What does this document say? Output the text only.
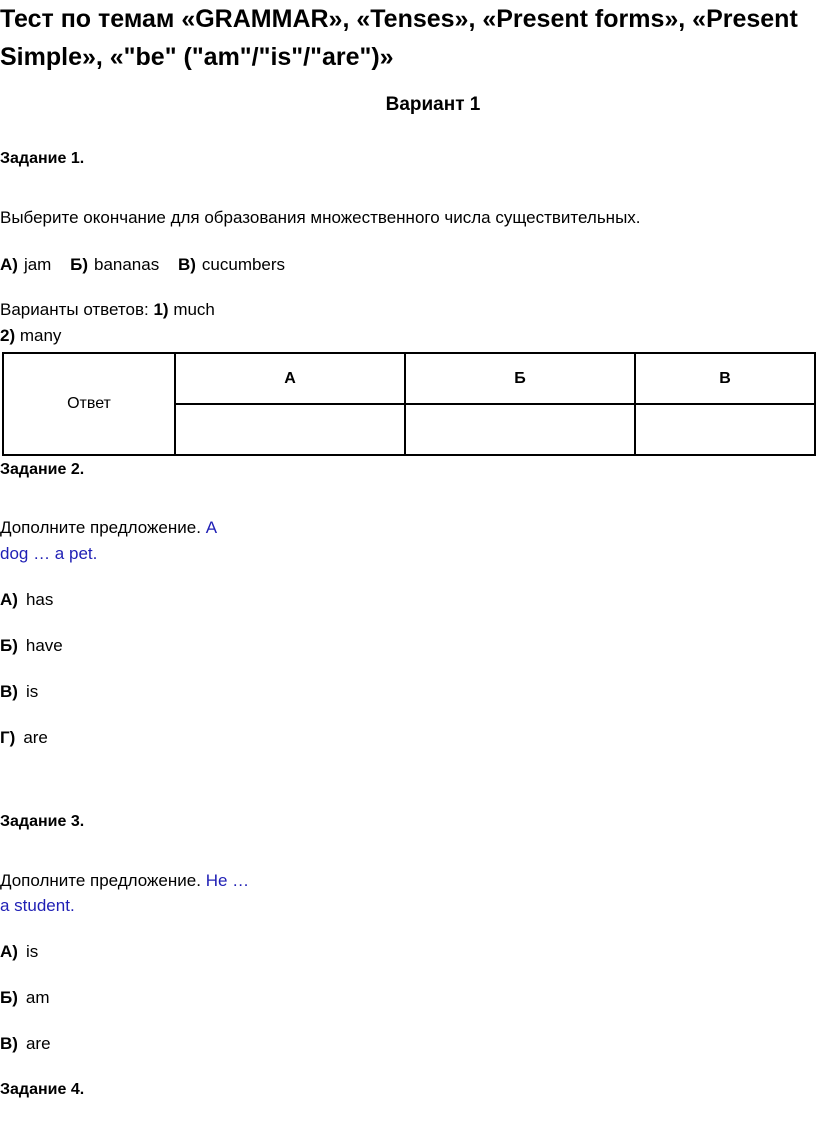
Тест по темам «GRAMMAR», «Tenses», «Present forms», «Present
Simple», «"be" ("am"/"is"/"are")»
Вариант 1
Задание 1.
Выберите окончание для образования множественного числа существительных.
А) jam Б) bananas В) cucumbers
Варианты ответов: 1) much
2) many
Ответ	А	Б	В

Задание 2.
Дополните предложение. A
dog … a pet.
А) has
Б) have
В) is
Г) are
Задание 3.
Дополните предложение. He …
a student.
А) is
Б) am
В) are
Задание 4.
